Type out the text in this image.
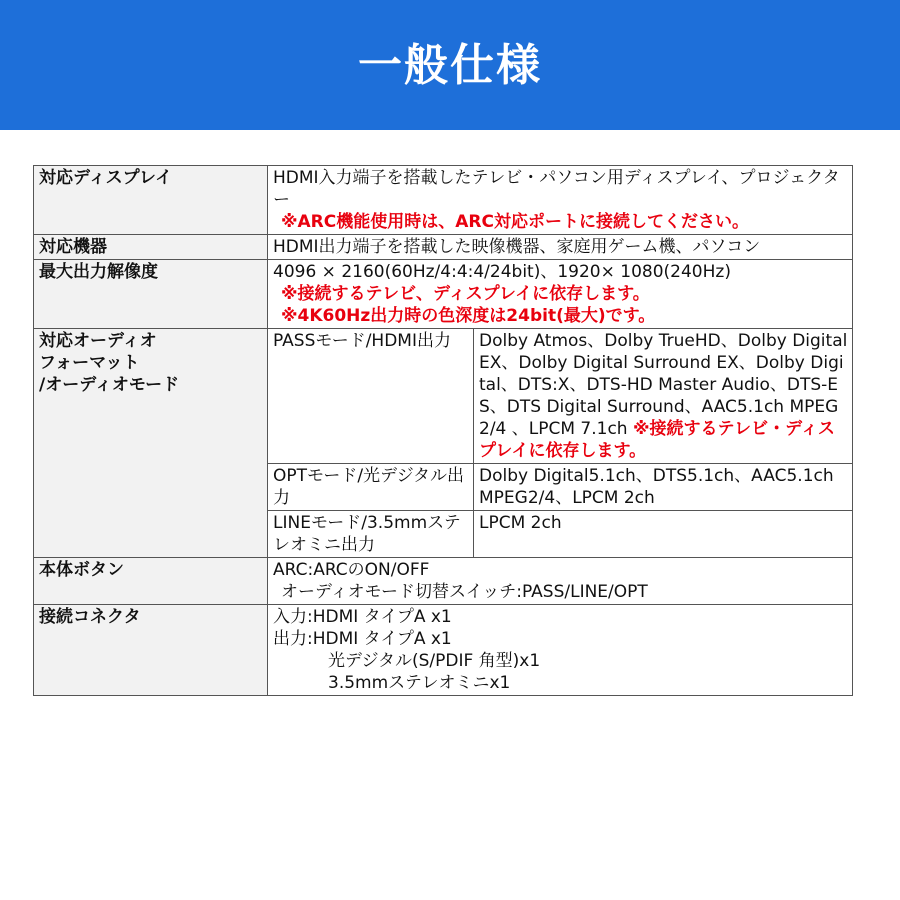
一般仕様
対応ディスプレイ	HDMI入力端子を搭載したテレビ・パソコン用ディスプレイ、プロジェクター
※ARC機能使用時は、ARC対応ポートに接続してください。	

対応機器	HDMI出力端子を搭載した映像機器、家庭用ゲーム機、パソコン	
最大出力解像度	4096 × 2160(60Hz/4:4:4/24bit)、1920× 1080(240Hz)
※接続するテレビ、ディスプレイに依存します。
※4K60Hz出力時の色深度は24bit(最大)です。	

対応オーディオ
フォーマット
/オーディオモード	PASSモード/HDMI出力	Dolby Atmos、Dolby TrueHD、Dolby Digital EX、Dolby Digital Surround EX、Dolby Digital、DTS:X、DTS-HD Master Audio、DTS-ES、DTS Digital Surround、AAC5.1ch MPEG2/4 、LPCM 7.1ch ※接続するテレビ・ディスプレイに依存します。
	OPTモード/光デジタル出力	Dolby Digital5.1ch、DTS5.1ch、AAC5.1ch MPEG2/4、LPCM 2ch
	LINEモード/3.5mmステレオミニ出力	LPCM 2ch
本体ボタン	ARC:ARCのON/OFF
オーディオモード切替スイッチ:PASS/LINE/OPT	

接続コネクタ	入力:HDMI タイプA x1
出力:HDMI タイプA x1
光デジタル(S/PDIF 角型)x1
3.5mmステレオミニx1	
